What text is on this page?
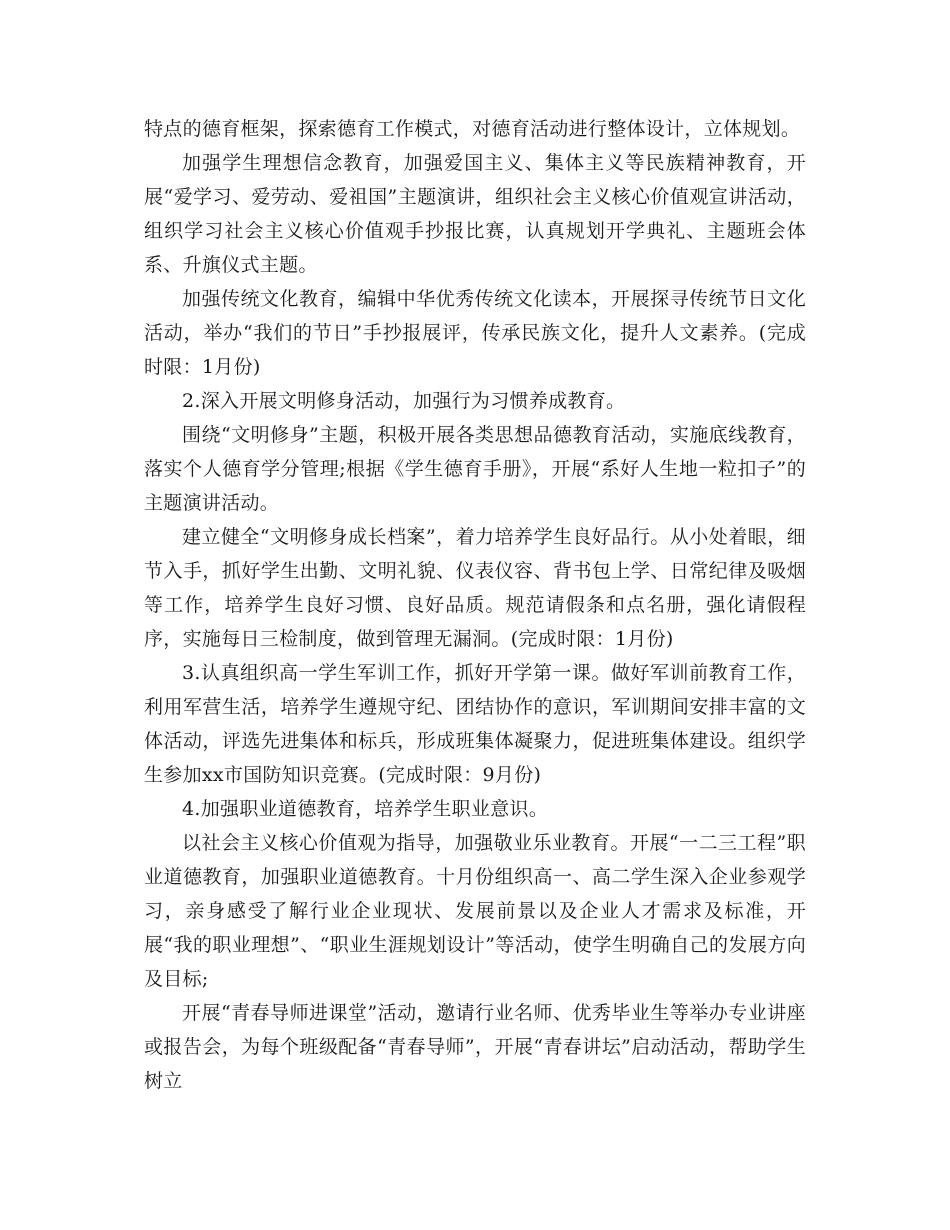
特点的德育框架，探索德育工作模式，对德育活动进行整体设计，立体规划。

加强学生理想信念教育，加强爱国主义、集体主义等民族精神教育，开展“爱学习、爱劳动、爱祖国”主题演讲，组织社会主义核心价值观宣讲活动，组织学习社会主义核心价值观手抄报比赛，认真规划开学典礼、主题班会体系、升旗仪式主题。

加强传统文化教育，编辑中华优秀传统文化读本，开展探寻传统节日文化活动，举办“我们的节日”手抄报展评，传承民族文化，提升人文素养。(完成时限：1月份)

2.深入开展文明修身活动，加强行为习惯养成教育。

围绕“文明修身”主题，积极开展各类思想品德教育活动，实施底线教育，落实个人德育学分管理;根据《学生德育手册》，开展“系好人生地一粒扣子”的主题演讲活动。

建立健全“文明修身成长档案”，着力培养学生良好品行。从小处着眼，细节入手，抓好学生出勤、文明礼貌、仪表仪容、背书包上学、日常纪律及吸烟等工作，培养学生良好习惯、良好品质。规范请假条和点名册，强化请假程序，实施每日三检制度，做到管理无漏洞。(完成时限：1月份)

3.认真组织高一学生军训工作，抓好开学第一课。做好军训前教育工作，利用军营生活，培养学生遵规守纪、团结协作的意识，军训期间安排丰富的文体活动，评选先进集体和标兵，形成班集体凝聚力，促进班集体建设。组织学生参加xx市国防知识竞赛。(完成时限：9月份)

4.加强职业道德教育，培养学生职业意识。

以社会主义核心价值观为指导，加强敬业乐业教育。开展“一二三工程”职业道德教育，加强职业道德教育。十月份组织高一、高二学生深入企业参观学习，亲身感受了解行业企业现状、发展前景以及企业人才需求及标准，开展“我的职业理想”、“职业生涯规划设计”等活动，使学生明确自己的发展方向及目标;

开展“青春导师进课堂”活动，邀请行业名师、优秀毕业生等举办专业讲座或报告会，为每个班级配备“青春导师”，开展“青春讲坛”启动活动，帮助学生树立
